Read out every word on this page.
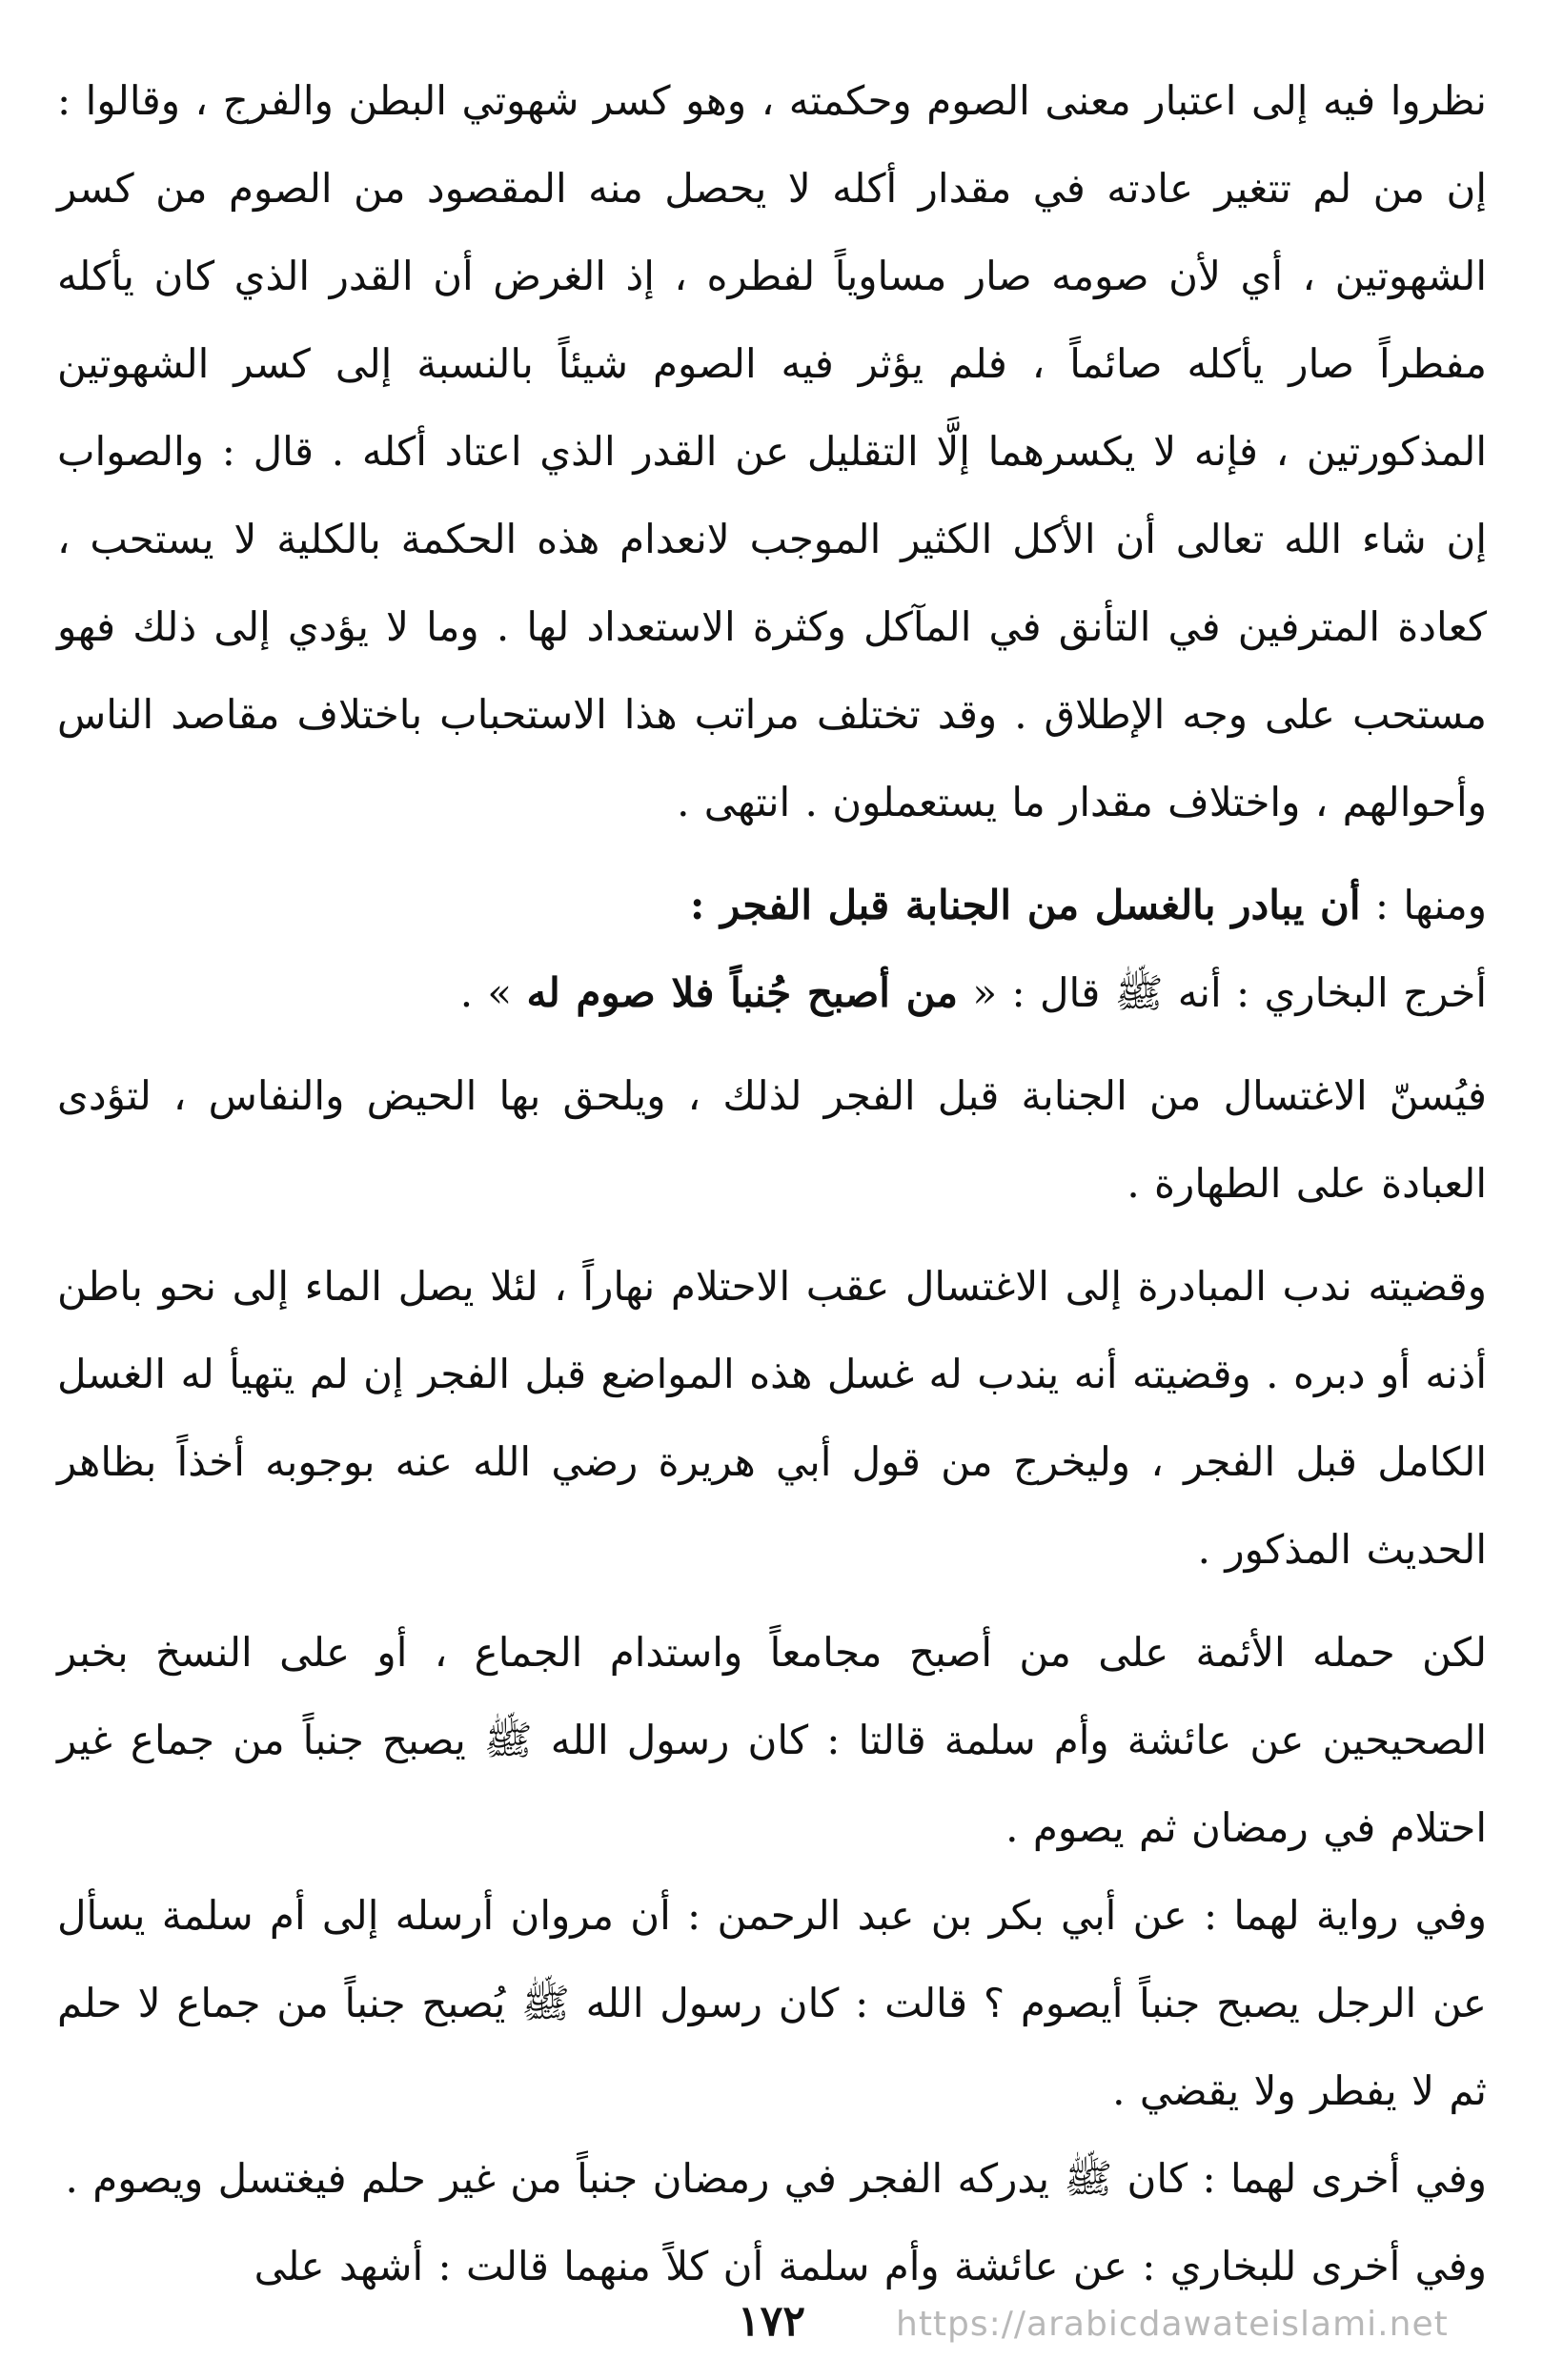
نظروا فيه إلى اعتبار معنى الصوم وحكمته ، وهو كسر شهوتي البطن والفرج ، وقالوا : إن من لم تتغير عادته في مقدار أكله لا يحصل منه المقصود من الصوم من كسر الشهوتين ، أي لأن صومه صار مساوياً لفطره ، إذ الغرض أن القدر الذي كان يأكله مفطراً صار يأكله صائماً ، فلم يؤثر فيه الصوم شيئاً بالنسبة إلى كسر الشهوتين المذكورتين ، فإنه لا يكسرهما إلَّا التقليل عن القدر الذي اعتاد أكله . قال : والصواب إن شاء الله تعالى أن الأكل الكثير الموجب لانعدام هذه الحكمة بالكلية لا يستحب ، كعادة المترفين في التأنق في المآكل وكثرة الاستعداد لها . وما لا يؤدي إلى ذلك فهو مستحب على وجه الإطلاق . وقد تختلف مراتب هذا الاستحباب باختلاف مقاصد الناس وأحوالهم ، واختلاف مقدار ما يستعملون . انتهى .

ومنها : أن يبادر بالغسل من الجنابة قبل الفجر :

أخرج البخاري : أنه ﷺ قال : « من أصبح جُنباً فلا صوم له » .

فيُسنّ الاغتسال من الجنابة قبل الفجر لذلك ، ويلحق بها الحيض والنفاس ، لتؤدى العبادة على الطهارة .

وقضيته ندب المبادرة إلى الاغتسال عقب الاحتلام نهاراً ، لئلا يصل الماء إلى نحو باطن أذنه أو دبره . وقضيته أنه يندب له غسل هذه المواضع قبل الفجر إن لم يتهيأ له الغسل الكامل قبل الفجر ، وليخرج من قول أبي هريرة رضي الله عنه بوجوبه أخذاً بظاهر الحديث المذكور .

لكن حمله الأئمة على من أصبح مجامعاً واستدام الجماع ، أو على النسخ بخبر الصحيحين عن عائشة وأم سلمة قالتا : كان رسول الله ﷺ يصبح جنباً من جماع غير احتلام في رمضان ثم يصوم .

وفي رواية لهما : عن أبي بكر بن عبد الرحمن : أن مروان أرسله إلى أم سلمة يسأل عن الرجل يصبح جنباً أيصوم ؟ قالت : كان رسول الله ﷺ يُصبح جنباً من جماع لا حلم ثم لا يفطر ولا يقضي .

وفي أخرى لهما : كان ﷺ يدركه الفجر في رمضان جنباً من غير حلم فيغتسل ويصوم .

وفي أخرى للبخاري : عن عائشة وأم سلمة أن كلاً منهما قالت : أشهد على

١٧٢	https://arabicdawateislami.net
